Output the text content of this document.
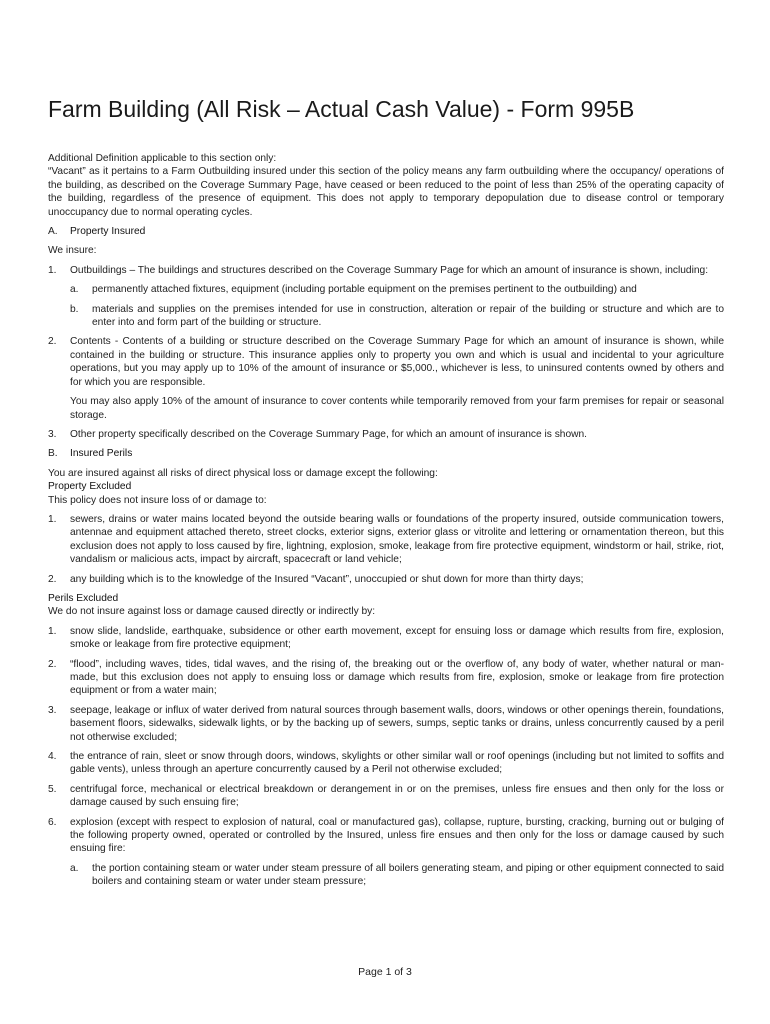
Farm Building (All Risk – Actual Cash Value) - Form 995B

Additional Definition applicable to this section only:

“Vacant” as it pertains to a Farm Outbuilding insured under this section of the policy means any farm outbuilding where the occupancy/ operations of the building, as described on the Coverage Summary Page, have ceased or been reduced to the point of less than 25% of the operating capacity of the building, regardless of the presence of equipment. This does not apply to temporary depopulation due to disease control or temporary unoccupancy due to normal operating cycles.

A. Property Insured

We insure:

1. Outbuildings – The buildings and structures described on the Coverage Summary Page for which an amount of insurance is shown, including:
a. permanently attached fixtures, equipment (including portable equipment on the premises pertinent to the outbuilding) and
b. materials and supplies on the premises intended for use in construction, alteration or repair of the building or structure and which are to enter into and form part of the building or structure.
2. Contents - Contents of a building or structure described on the Coverage Summary Page for which an amount of insurance is shown, while contained in the building or structure. This insurance applies only to property you own and which is usual and incidental to your agriculture operations, but you may apply up to 10% of the amount of insurance or $5,000., whichever is less, to uninsured contents owned by others and for which you are responsible.
You may also apply 10% of the amount of insurance to cover contents while temporarily removed from your farm premises for repair or seasonal storage.
3. Other property specifically described on the Coverage Summary Page, for which an amount of insurance is shown.
B. Insured Perils

You are insured against all risks of direct physical loss or damage except the following:

Property Excluded

This policy does not insure loss of or damage to:

1. sewers, drains or water mains located beyond the outside bearing walls or foundations of the property insured, outside communication towers, antennae and equipment attached thereto, street clocks, exterior signs, exterior glass or vitrolite and lettering or ornamentation thereon, but this exclusion does not apply to loss caused by fire, lightning, explosion, smoke, leakage from fire protective equipment, windstorm or hail, strike, riot, vandalism or malicious acts, impact by aircraft, spacecraft or land vehicle;
2. any building which is to the knowledge of the Insured “Vacant”, unoccupied or shut down for more than thirty days;

Perils Excluded

We do not insure against loss or damage caused directly or indirectly by:

1. snow slide, landslide, earthquake, subsidence or other earth movement, except for ensuing loss or damage which results from fire, explosion, smoke or leakage from fire protective equipment;
2. “flood”, including waves, tides, tidal waves, and the rising of, the breaking out or the overflow of, any body of water, whether natural or man-made, but this exclusion does not apply to ensuing loss or damage which results from fire, explosion, smoke or leakage from fire protection equipment or from a water main;
3. seepage, leakage or influx of water derived from natural sources through basement walls, doors, windows or other openings therein, foundations, basement floors, sidewalks, sidewalk lights, or by the backing up of sewers, sumps, septic tanks or drains, unless concurrently caused by a peril not otherwise excluded;
4. the entrance of rain, sleet or snow through doors, windows, skylights or other similar wall or roof openings (including but not limited to soffits and gable vents), unless through an aperture concurrently caused by a Peril not otherwise excluded;
5. centrifugal force, mechanical or electrical breakdown or derangement in or on the premises, unless fire ensues and then only for the loss or damage caused by such ensuing fire;
6. explosion (except with respect to explosion of natural, coal or manufactured gas), collapse, rupture, bursting, cracking, burning out or bulging of the following property owned, operated or controlled by the Insured, unless fire ensues and then only for the loss or damage caused by such ensuing fire:
a. the portion containing steam or water under steam pressure of all boilers generating steam, and piping or other equipment connected to said boilers and containing steam or water under steam pressure;
Page 1 of 3
